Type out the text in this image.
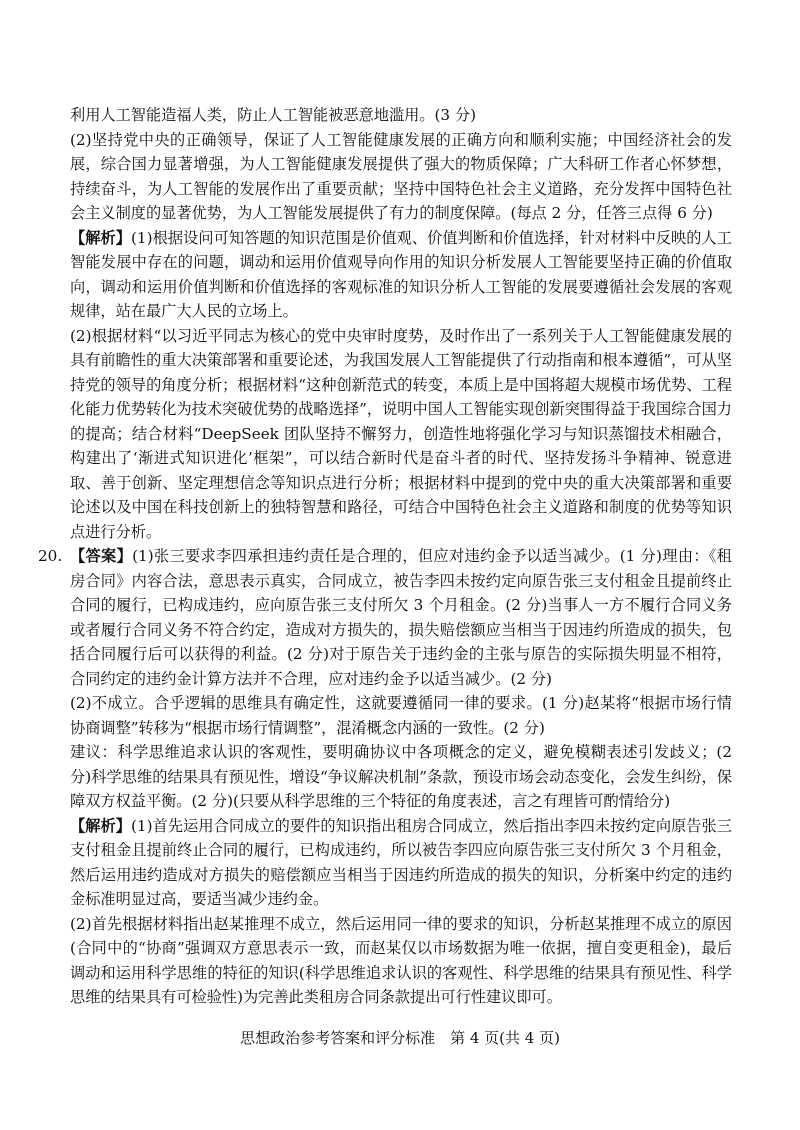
利用人工智能造福人类，防止人工智能被恶意地滥用。(3 分)

(2)坚持党中央的正确领导，保证了人工智能健康发展的正确方向和顺利实施；中国经济社会的发展，综合国力显著增强，为人工智能健康发展提供了强大的物质保障；广大科研工作者心怀梦想，持续奋斗，为人工智能的发展作出了重要贡献；坚持中国特色社会主义道路，充分发挥中国特色社会主义制度的显著优势，为人工智能发展提供了有力的制度保障。(每点 2 分，任答三点得 6 分)

【解析】(1)根据设问可知答题的知识范围是价值观、价值判断和价值选择，针对材料中反映的人工智能发展中存在的问题，调动和运用价值观导向作用的知识分析发展人工智能要坚持正确的价值取向，调动和运用价值判断和价值选择的客观标准的知识分析人工智能的发展要遵循社会发展的客观规律，站在最广大人民的立场上。

(2)根据材料“以习近平同志为核心的党中央审时度势，及时作出了一系列关于人工智能健康发展的具有前瞻性的重大决策部署和重要论述，为我国发展人工智能提供了行动指南和根本遵循”，可从坚持党的领导的角度分析；根据材料“这种创新范式的转变，本质上是中国将超大规模市场优势、工程化能力优势转化为技术突破优势的战略选择”，说明中国人工智能实现创新突围得益于我国综合国力的提高；结合材料“DeepSeek 团队坚持不懈努力，创造性地将强化学习与知识蒸馏技术相融合，构建出了‘渐进式知识进化’框架”，可以结合新时代是奋斗者的时代、坚持发扬斗争精神、锐意进取、善于创新、坚定理想信念等知识点进行分析；根据材料中提到的党中央的重大决策部署和重要论述以及中国在科技创新上的独特智慧和路径，可结合中国特色社会主义道路和制度的优势等知识点进行分析。

20. 【答案】(1)张三要求李四承担违约责任是合理的，但应对违约金予以适当减少。(1 分)理由：《租房合同》内容合法，意思表示真实，合同成立，被告李四未按约定向原告张三支付租金且提前终止合同的履行，已构成违约，应向原告张三支付所欠 3 个月租金。(2 分)当事人一方不履行合同义务或者履行合同义务不符合约定，造成对方损失的，损失赔偿额应当相当于因违约所造成的损失，包括合同履行后可以获得的利益。(2 分)对于原告关于违约金的主张与原告的实际损失明显不相符，合同约定的违约金计算方法并不合理，应对违约金予以适当减少。(2 分)

(2)不成立。合乎逻辑的思维具有确定性，这就要遵循同一律的要求。(1 分)赵某将“根据市场行情协商调整”转移为“根据市场行情调整”，混淆概念内涵的一致性。(2 分)

建议：科学思维追求认识的客观性，要明确协议中各项概念的定义，避免模糊表述引发歧义；(2 分)科学思维的结果具有预见性，增设“争议解决机制”条款，预设市场会动态变化，会发生纠纷，保障双方权益平衡。(2 分)(只要从科学思维的三个特征的角度表述，言之有理皆可酌情给分)

【解析】(1)首先运用合同成立的要件的知识指出租房合同成立，然后指出李四未按约定向原告张三支付租金且提前终止合同的履行，已构成违约，所以被告李四应向原告张三支付所欠 3 个月租金，然后运用违约造成对方损失的赔偿额应当相当于因违约所造成的损失的知识，分析案中约定的违约金标准明显过高，要适当减少违约金。

(2)首先根据材料指出赵某推理不成立，然后运用同一律的要求的知识，分析赵某推理不成立的原因(合同中的“协商”强调双方意思表示一致，而赵某仅以市场数据为唯一依据，擅自变更租金)，最后调动和运用科学思维的特征的知识(科学思维追求认识的客观性、科学思维的结果具有预见性、科学思维的结果具有可检验性)为完善此类租房合同条款提出可行性建议即可。

思想政治参考答案和评分标准　第 4 页(共 4 页)
